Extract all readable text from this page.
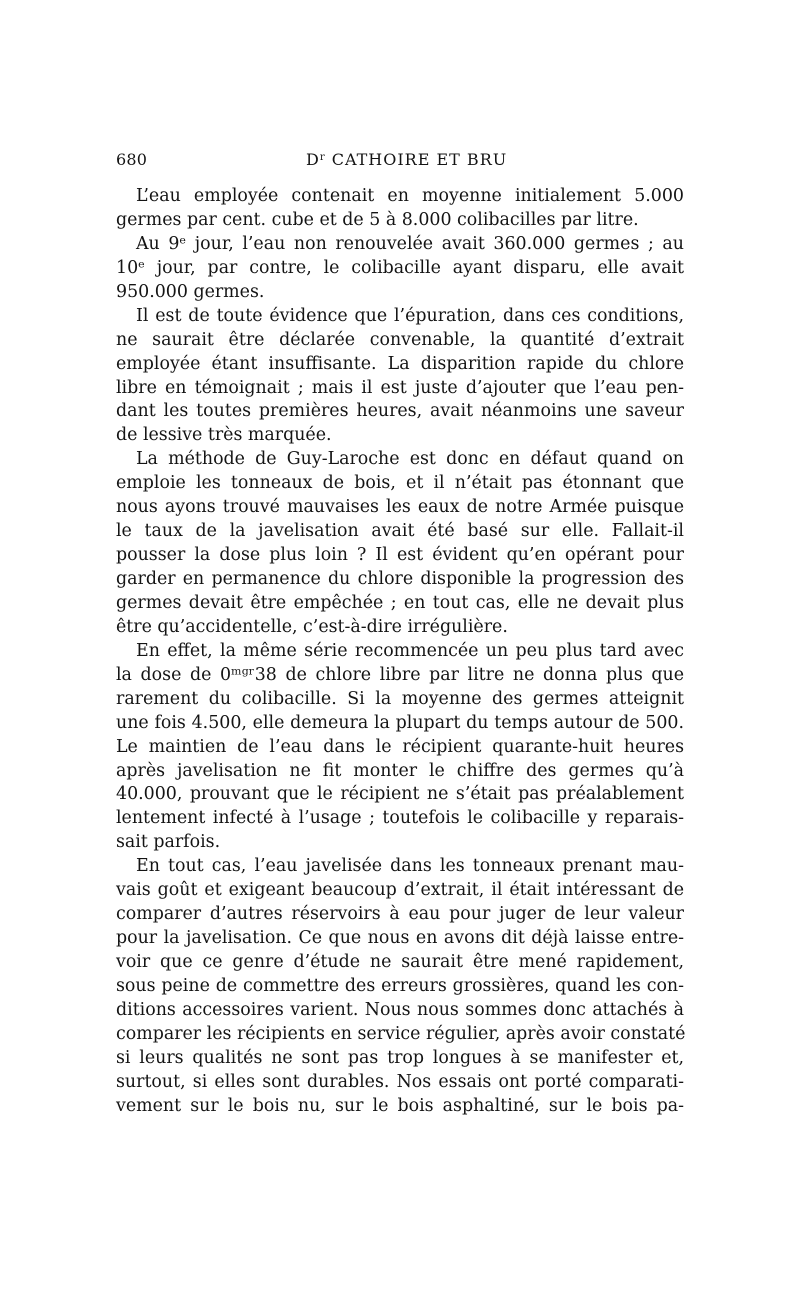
680	$D^r$ CATHOIRE ET BRU
L’eau employée contenait en moyenne initialement 5.000
germes par cent. cube et de 5 à 8.000 colibacilles par litre.
Au 9ᵉ jour, l’eau non renouvelée avait 360.000 germes ; au
10ᵉ jour, par contre, le colibacille ayant disparu, elle avait
950.000 germes.
Il est de toute évidence que l’épuration, dans ces conditions,
ne saurait être déclarée convenable, la quantité d’extrait
employée étant insuffisante. La disparition rapide du chlore
libre en témoignait ; mais il est juste d’ajouter que l’eau pen-
dant les toutes premières heures, avait néanmoins une saveur
de lessive très marquée.
La méthode de Guy-Laroche est donc en défaut quand on
emploie les tonneaux de bois, et il n’était pas étonnant que
nous ayons trouvé mauvaises les eaux de notre Armée puisque
le taux de la javelisation avait été basé sur elle. Fallait-il
pousser la dose plus loin ? Il est évident qu’en opérant pour
garder en permanence du chlore disponible la progression des
germes devait être empêchée ; en tout cas, elle ne devait plus
être qu’accidentelle, c’est-à-dire irrégulière.
En effet, la même série recommencée un peu plus tard avec
la dose de 0ᵐᵍʳ38 de chlore libre par litre ne donna plus que
rarement du colibacille. Si la moyenne des germes atteignit
une fois 4.500, elle demeura la plupart du temps autour de 500.
Le maintien de l’eau dans le récipient quarante-huit heures
après javelisation ne fit monter le chiffre des germes qu’à
40.000, prouvant que le récipient ne s’était pas préalablement
lentement infecté à l’usage ; toutefois le colibacille y reparais-
sait parfois.
En tout cas, l’eau javelisée dans les tonneaux prenant mau-
vais goût et exigeant beaucoup d’extrait, il était intéressant de
comparer d’autres réservoirs à eau pour juger de leur valeur
pour la javelisation. Ce que nous en avons dit déjà laisse entre-
voir que ce genre d’étude ne saurait être mené rapidement,
sous peine de commettre des erreurs grossières, quand les con-
ditions accessoires varient. Nous nous sommes donc attachés à
comparer les récipients en service régulier, après avoir constaté
si leurs qualités ne sont pas trop longues à se manifester et,
surtout, si elles sont durables. Nos essais ont porté comparati-
vement sur le bois nu, sur le bois asphaltiné, sur le bois pa-
